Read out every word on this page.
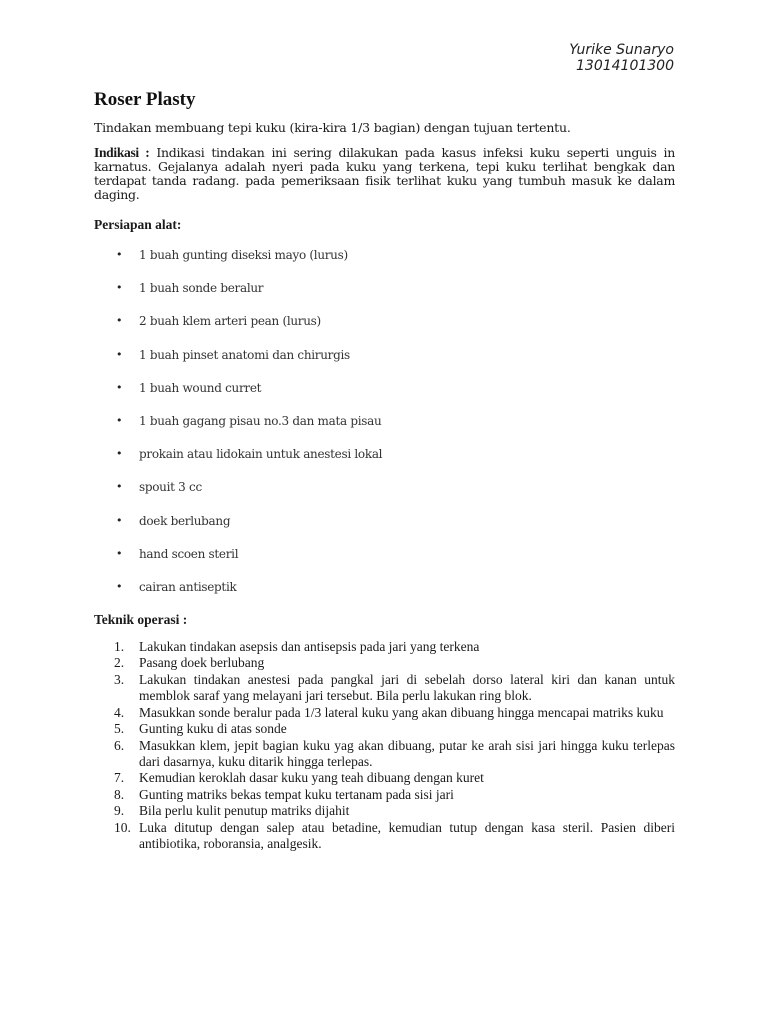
Yurike Sunaryo
13014101300
Roser Plasty

Tindakan membuang tepi kuku (kira-kira 1/3 bagian) dengan tujuan tertentu.

Indikasi : Indikasi tindakan ini sering dilakukan pada kasus infeksi kuku seperti unguis in karnatus. Gejalanya adalah nyeri pada kuku yang terkena, tepi kuku terlihat bengkak dan terdapat tanda radang. pada pemeriksaan fisik terlihat kuku yang tumbuh masuk ke dalam daging.

Persiapan alat:
• 1 buah gunting diseksi mayo (lurus)
• 1 buah sonde beralur
• 2 buah klem arteri pean (lurus)
• 1 buah pinset anatomi dan chirurgis
• 1 buah wound curret
• 1 buah gagang pisau no.3 dan mata pisau
• prokain atau lidokain untuk anestesi lokal
• spouit 3 cc
• doek berlubang
• hand scoen steril
• cairan antiseptik
Teknik operasi :
1. Lakukan tindakan asepsis dan antisepsis pada jari yang terkena
2. Pasang doek berlubang
3. Lakukan tindakan anestesi pada pangkal jari di sebelah dorso lateral kiri dan kanan untuk memblok saraf yang melayani jari tersebut. Bila perlu lakukan ring blok.
4. Masukkan sonde beralur pada 1/3 lateral kuku yang akan dibuang hingga mencapai matriks kuku
5. Gunting kuku di atas sonde
6. Masukkan klem, jepit bagian kuku yag akan dibuang, putar ke arah sisi jari hingga kuku terlepas dari dasarnya, kuku ditarik hingga terlepas.
7. Kemudian keroklah dasar kuku yang teah dibuang dengan kuret
8. Gunting matriks bekas tempat kuku tertanam pada sisi jari
9. Bila perlu kulit penutup matriks dijahit
10. Luka ditutup dengan salep atau betadine, kemudian tutup dengan kasa steril. Pasien diberi antibiotika, roboransia, analgesik.
